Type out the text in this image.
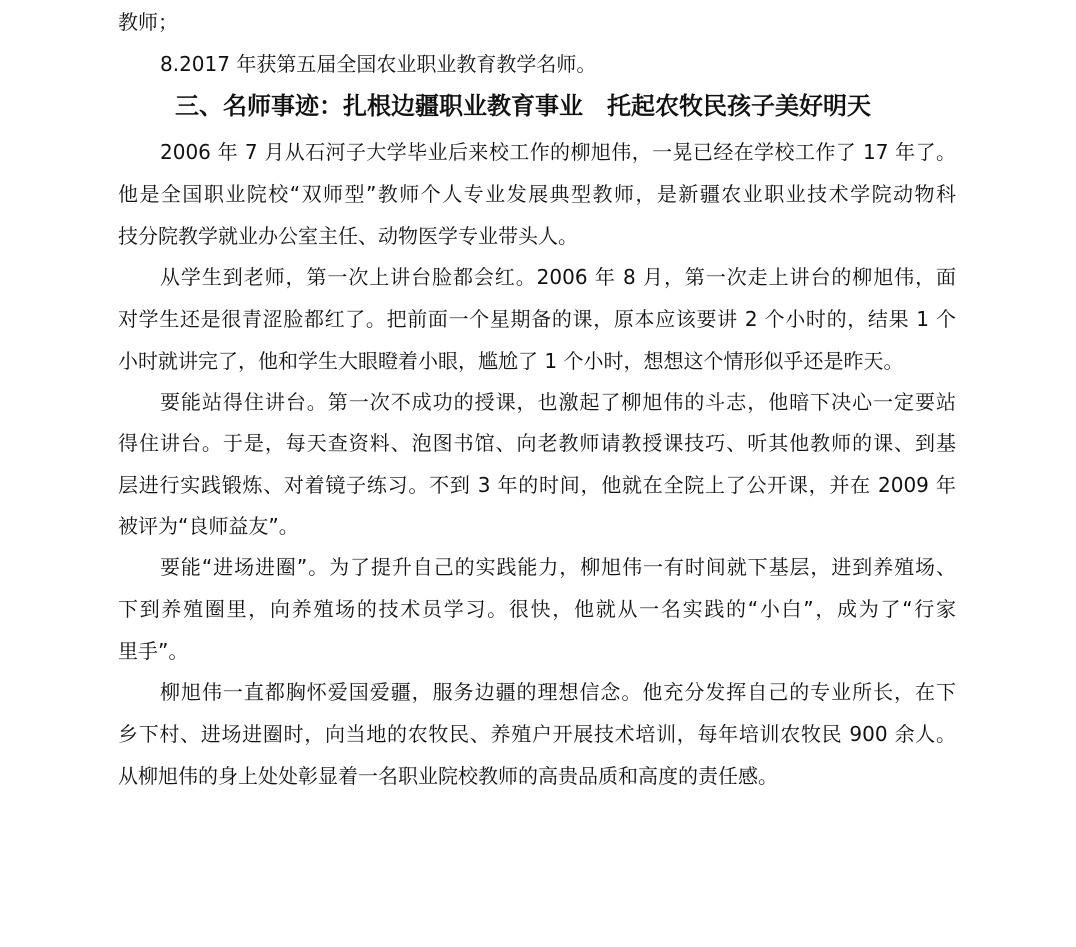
教师；
8.2017 年获第五届全国农业职业教育教学名师。
三、名师事迹：扎根边疆职业教育事业　托起农牧民孩子美好明天
2006 年 7 月从石河子大学毕业后来校工作的柳旭伟，一晃已经在学校工作了 17 年了。
他是全国职业院校“双师型”教师个人专业发展典型教师，是新疆农业职业技术学院动物科
技分院教学就业办公室主任、动物医学专业带头人。
从学生到老师，第一次上讲台脸都会红。2006 年 8 月，第一次走上讲台的柳旭伟，面
对学生还是很青涩脸都红了。把前面一个星期备的课，原本应该要讲 2 个小时的，结果 1 个
小时就讲完了，他和学生大眼瞪着小眼，尴尬了 1 个小时，想想这个情形似乎还是昨天。
要能站得住讲台。第一次不成功的授课，也激起了柳旭伟的斗志，他暗下决心一定要站
得住讲台。于是，每天查资料、泡图书馆、向老教师请教授课技巧、听其他教师的课、到基
层进行实践锻炼、对着镜子练习。不到 3 年的时间，他就在全院上了公开课，并在 2009 年
被评为“良师益友”。
要能“进场进圈”。为了提升自己的实践能力，柳旭伟一有时间就下基层，进到养殖场、
下到养殖圈里，向养殖场的技术员学习。很快，他就从一名实践的“小白”，成为了“行家
里手”。
柳旭伟一直都胸怀爱国爱疆，服务边疆的理想信念。他充分发挥自己的专业所长，在下
乡下村、进场进圈时，向当地的农牧民、养殖户开展技术培训，每年培训农牧民 900 余人。
从柳旭伟的身上处处彰显着一名职业院校教师的高贵品质和高度的责任感。
